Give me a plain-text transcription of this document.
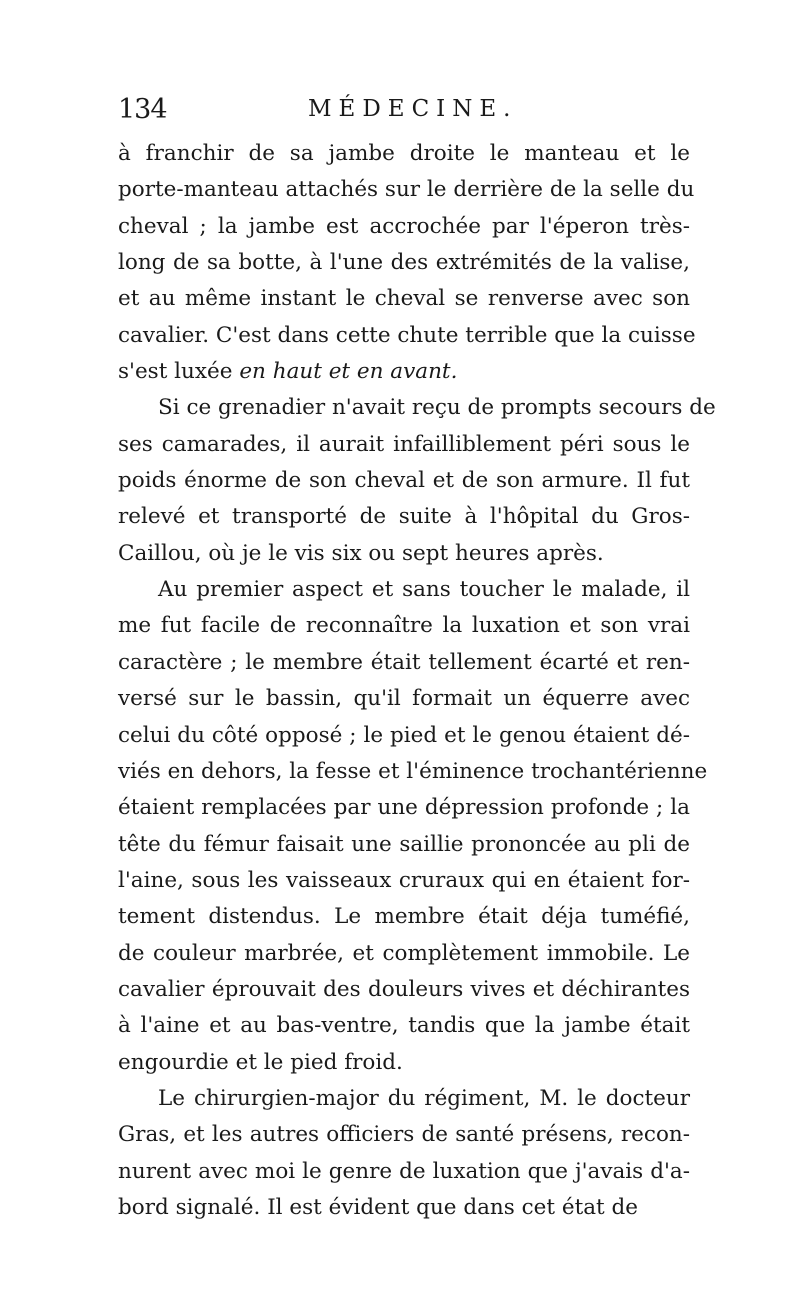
134	MÉDECINE.
à franchir de sa jambe droite le manteau et le
porte-manteau attachés sur le derrière de la selle du
cheval ; la jambe est accrochée par l'éperon très-
long de sa botte, à l'une des extrémités de la valise,
et au même instant le cheval se renverse avec son
cavalier. C'est dans cette chute terrible que la cuisse
s'est luxée en haut et en avant.
Si ce grenadier n'avait reçu de prompts secours de
ses camarades, il aurait infailliblement péri sous le
poids énorme de son cheval et de son armure. Il fut
relevé et transporté de suite à l'hôpital du Gros-
Caillou, où je le vis six ou sept heures après.
Au premier aspect et sans toucher le malade, il
me fut facile de reconnaître la luxation et son vrai
caractère ; le membre était tellement écarté et ren-
versé sur le bassin, qu'il formait un équerre avec
celui du côté opposé ; le pied et le genou étaient dé-
viés en dehors, la fesse et l'éminence trochantérienne
étaient remplacées par une dépression profonde ; la
tête du fémur faisait une saillie prononcée au pli de
l'aine, sous les vaisseaux cruraux qui en étaient for-
tement distendus. Le membre était déja tuméfié,
de couleur marbrée, et complètement immobile. Le
cavalier éprouvait des douleurs vives et déchirantes
à l'aine et au bas-ventre, tandis que la jambe était
engourdie et le pied froid.
Le chirurgien-major du régiment, M. le docteur
Gras, et les autres officiers de santé présens, recon-
nurent avec moi le genre de luxation que j'avais d'a-
bord signalé. Il est évident que dans cet état de
